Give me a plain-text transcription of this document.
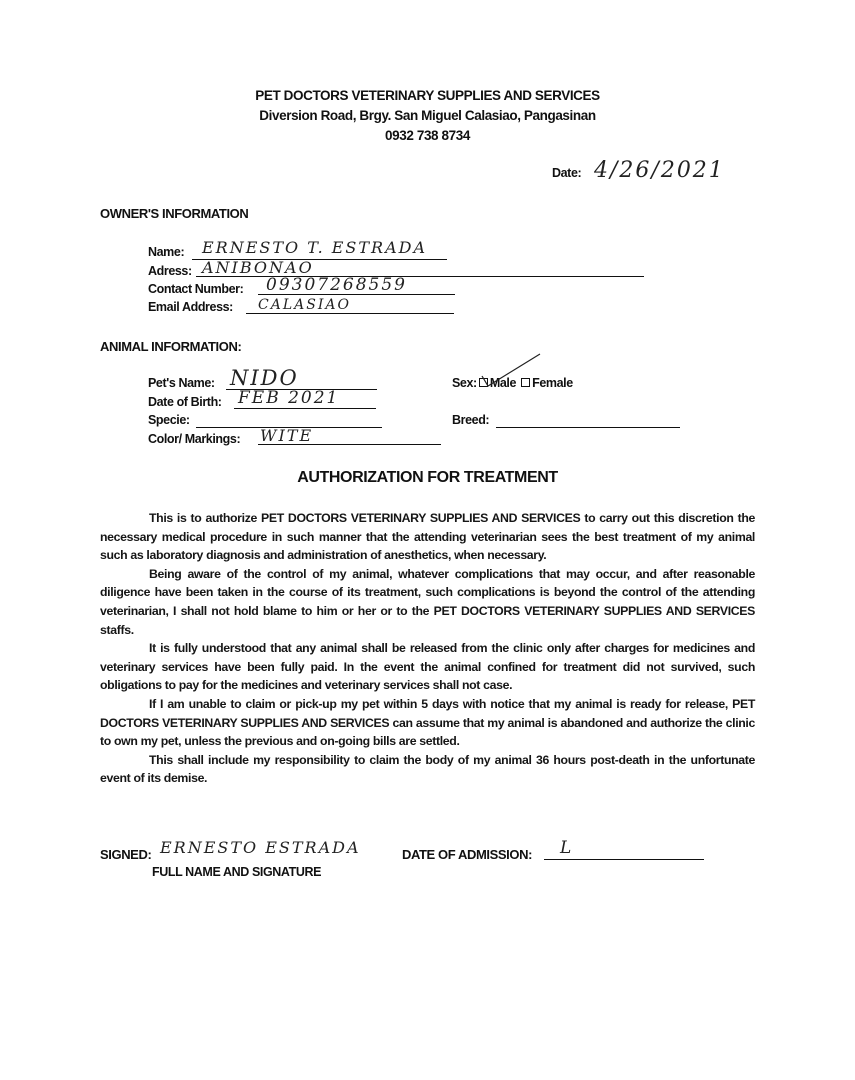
PET DOCTORS VETERINARY SUPPLIES AND SERVICES
Diversion Road, Brgy. San Miguel Calasiao, Pangasinan
0932 738 8734
Date: 4/26/2021
OWNER'S INFORMATION
Name: ERNESTO T. ESTRADA
Adress: ANIBONAO
Contact Number: 09307268559
Email Address: CALASIAO
ANIMAL INFORMATION:
Pet's Name: NIDO
Date of Birth: FEB 2021
Specie:
Color/ Markings: WITE
Sex: Male Female
Breed:
AUTHORIZATION FOR TREATMENT

This is to authorize PET DOCTORS VETERINARY SUPPLIES AND SERVICES to carry out this discretion the necessary medical procedure in such manner that the attending veterinarian sees the best treatment of my animal such as laboratory diagnosis and administration of anesthetics, when necessary.

Being aware of the control of my animal, whatever complications that may occur, and after reasonable diligence have been taken in the course of its treatment, such complications is beyond the control of the attending veterinarian, I shall not hold blame to him or her or to the PET DOCTORS VETERINARY SUPPLIES AND SERVICES staffs.

It is fully understood that any animal shall be released from the clinic only after charges for medicines and veterinary services have been fully paid. In the event the animal confined for treatment did not survived, such obligations to pay for the medicines and veterinary services shall not case.

If I am unable to claim or pick-up my pet within 5 days with notice that my animal is ready for release, PET DOCTORS VETERINARY SUPPLIES AND SERVICES can assume that my animal is abandoned and authorize the clinic to own my pet, unless the previous and on-going bills are settled.

This shall include my responsibility to claim the body of my animal 36 hours post-death in the unfortunate event of its demise.

SIGNED: ERNESTO ESTRADA
FULL NAME AND SIGNATURE
DATE OF ADMISSION: L
